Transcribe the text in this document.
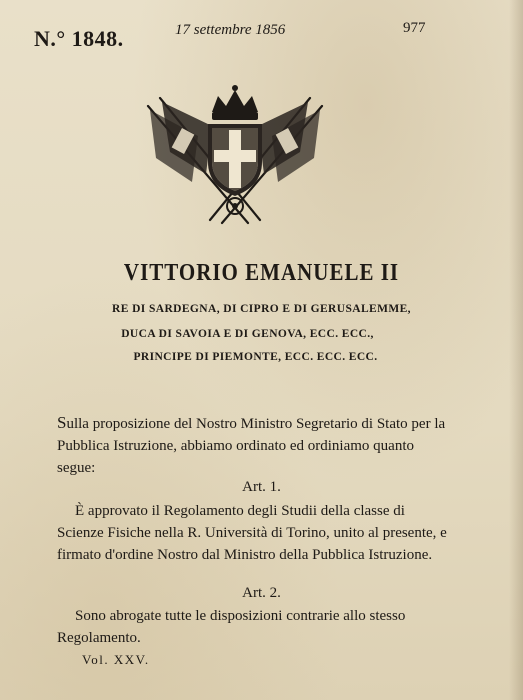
N.° 1848.	17 settembre 1856	977
VITTORIO EMANUELE II
RE DI SARDEGNA, DI CIPRO E DI GERUSALEMME,
DUCA DI SAVOIA E DI GENOVA, ECC. ECC.,
PRINCIPE DI PIEMONTE, ECC. ECC. ECC.
Sulla proposizione del Nostro Ministro Segretario di Stato per la Pubblica Istruzione, abbiamo ordinato ed ordiniamo quanto segue:
Art. 1.
È approvato il Regolamento degli Studii della classe di Scienze Fisiche nella R. Università di Torino, unito al presente, e firmato d'ordine Nostro dal Ministro della Pubblica Istruzione.
Art. 2.
Sono abrogate tutte le disposizioni contrarie allo stesso Regolamento.
Vol. XXV.
